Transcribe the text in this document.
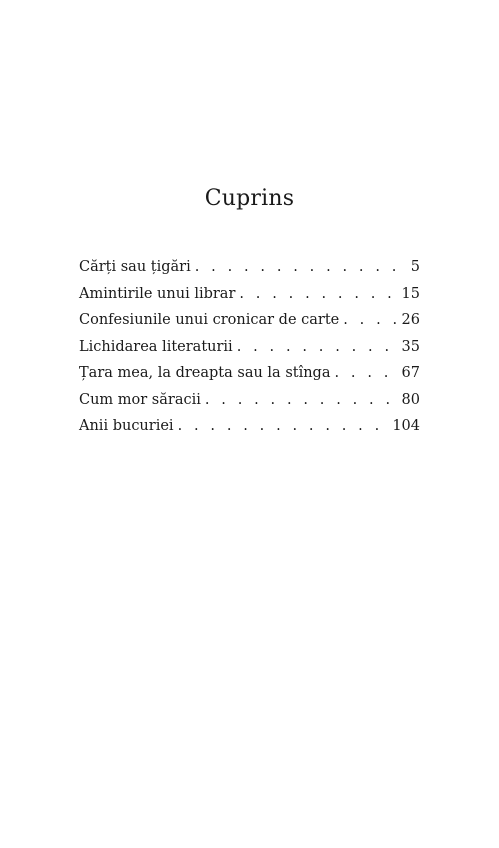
Cuprins
Cărți sau țigări . . .	5
Amintirile unui librar . . .	15
Confesiunile unui cronicar de carte . . .	26
Lichidarea literaturii . . .	35
Țara mea, la dreapta sau la stînga . . .	67
Cum mor săracii . . .	80
Anii bucuriei . . .	104
